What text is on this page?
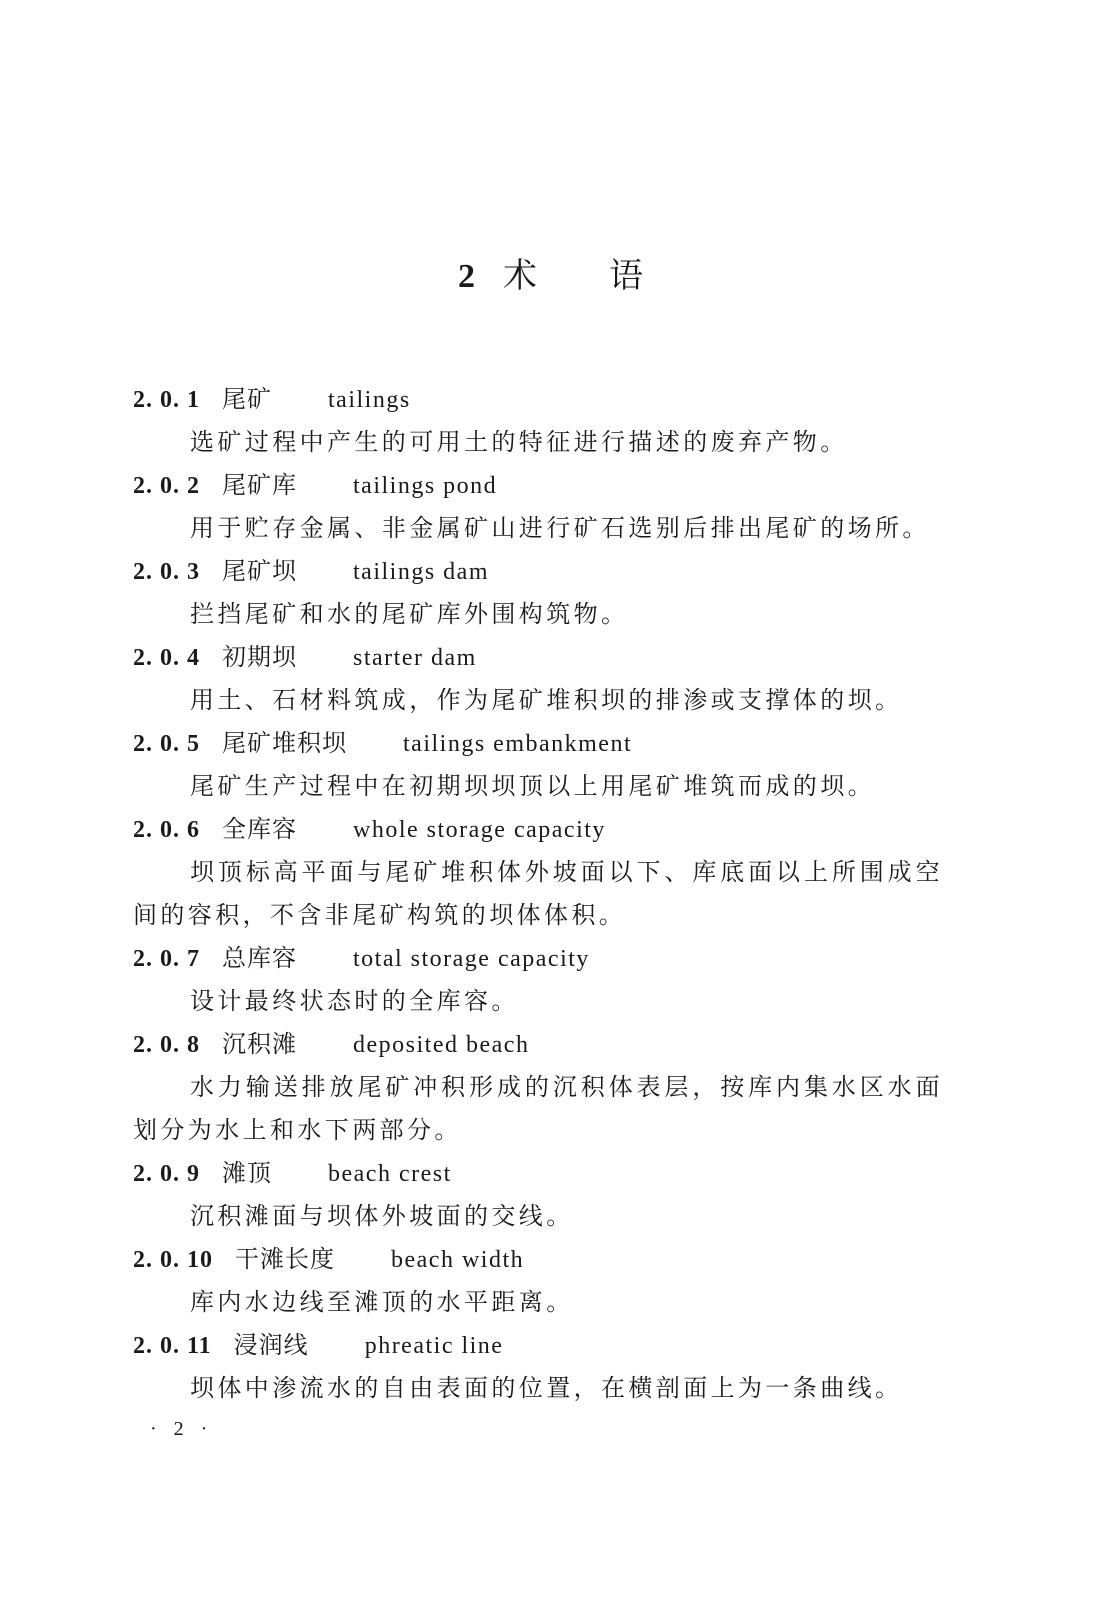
2 术 语
2. 0. 1 尾矿 tailings
选矿过程中产生的可用土的特征进行描述的废弃产物。
2. 0. 2 尾矿库 tailings pond
用于贮存金属、非金属矿山进行矿石选别后排出尾矿的场所。
2. 0. 3 尾矿坝 tailings dam
拦挡尾矿和水的尾矿库外围构筑物。
2. 0. 4 初期坝 starter dam
用土、石材料筑成，作为尾矿堆积坝的排渗或支撑体的坝。
2. 0. 5 尾矿堆积坝 tailings embankment
尾矿生产过程中在初期坝坝顶以上用尾矿堆筑而成的坝。
2. 0. 6 全库容 whole storage capacity
坝顶标高平面与尾矿堆积体外坡面以下、库底面以上所围成空间的容积，不含非尾矿构筑的坝体体积。
2. 0. 7 总库容 total storage capacity
设计最终状态时的全库容。
2. 0. 8 沉积滩 deposited beach
水力输送排放尾矿冲积形成的沉积体表层，按库内集水区水面划分为水上和水下两部分。
2. 0. 9 滩顶 beach crest
沉积滩面与坝体外坡面的交线。
2. 0. 10 干滩长度 beach width
库内水边线至滩顶的水平距离。
2. 0. 11 浸润线 phreatic line
坝体中渗流水的自由表面的位置，在横剖面上为一条曲线。
· 2 ·
